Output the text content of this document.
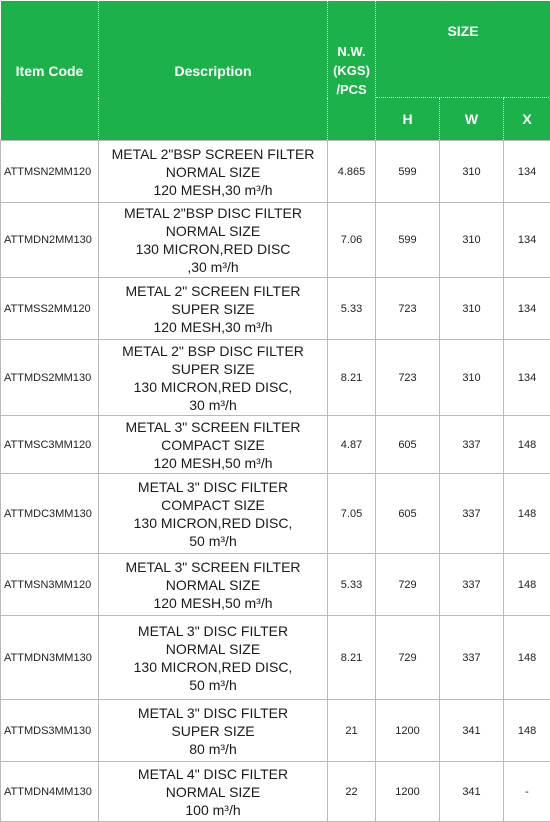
Item Code	Description	N.W.
(KGS)
/PCS	SIZE		
			H	W	X
ATTMSN2MM120	METAL 2"BSP SCREEN FILTER
NORMAL SIZE
120 MESH,30 m³/h	4.865	599	310	134
ATTMDN2MM130	METAL 2"BSP DISC FILTER
NORMAL SIZE
130 MICRON,RED DISC
,30 m³/h	7.06	599	310	134
ATTMSS2MM120	METAL 2" SCREEN FILTER
SUPER SIZE
120 MESH,30 m³/h	5.33	723	310	134
ATTMDS2MM130	METAL 2" BSP DISC FILTER
SUPER SIZE
130 MICRON,RED DISC,
30 m³/h	8.21	723	310	134
ATTMSC3MM120	METAL 3" SCREEN FILTER
COMPACT SIZE
120 MESH,50 m³/h	4.87	605	337	148
ATTMDC3MM130	METAL 3" DISC FILTER
COMPACT SIZE
130 MICRON,RED DISC,
50 m³/h	7.05	605	337	148
ATTMSN3MM120	METAL 3" SCREEN FILTER
NORMAL SIZE
120 MESH,50 m³/h	5.33	729	337	148
ATTMDN3MM130	METAL 3" DISC FILTER
NORMAL SIZE
130 MICRON,RED DISC,
50 m³/h	8.21	729	337	148
ATTMDS3MM130	METAL 3" DISC FILTER
SUPER SIZE
80 m³/h	21	1200	341	148
ATTMDN4MM130	METAL 4" DISC FILTER
NORMAL SIZE
100 m³/h	22	1200	341	-
